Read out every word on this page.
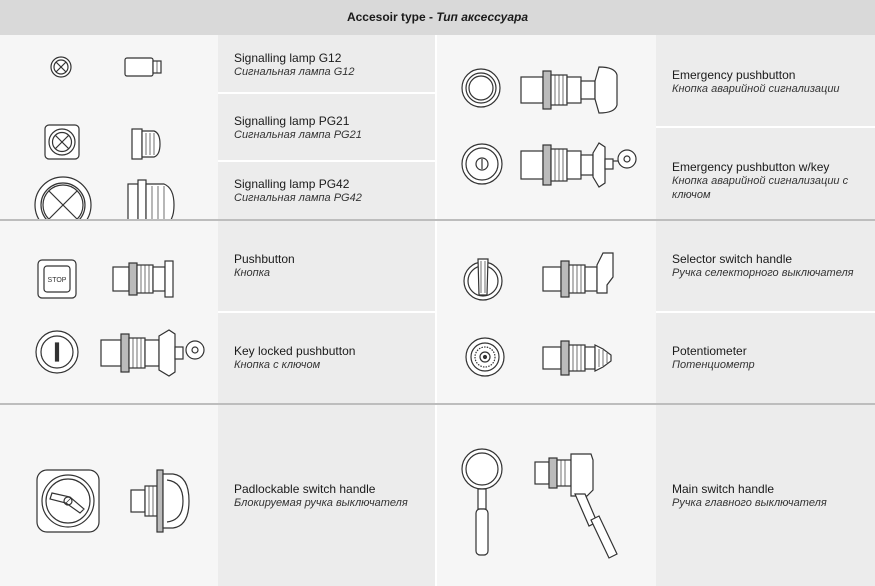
Accesoir type - Тип аксессуара
Signalling lamp G12
Сигнальная лампа G12
Signalling lamp PG21
Сигнальная лампа PG21
Signalling lamp PG42
Сигнальная лампа PG42
Emergency pushbutton
Кнопка аварийной сигнализации
Emergency pushbutton w/key
Кнопка аварийной сигнализации с ключом
Pushbutton
Кнопка
Key locked pushbutton
Кнопка с ключом
Selector switch handle
Ручка селекторного выключателя
Potentiometer
Потенциометр
STOP
Padlockable switch handle
Блокируемая ручка выключателя
Main switch handle
Ручка главного выключателя
